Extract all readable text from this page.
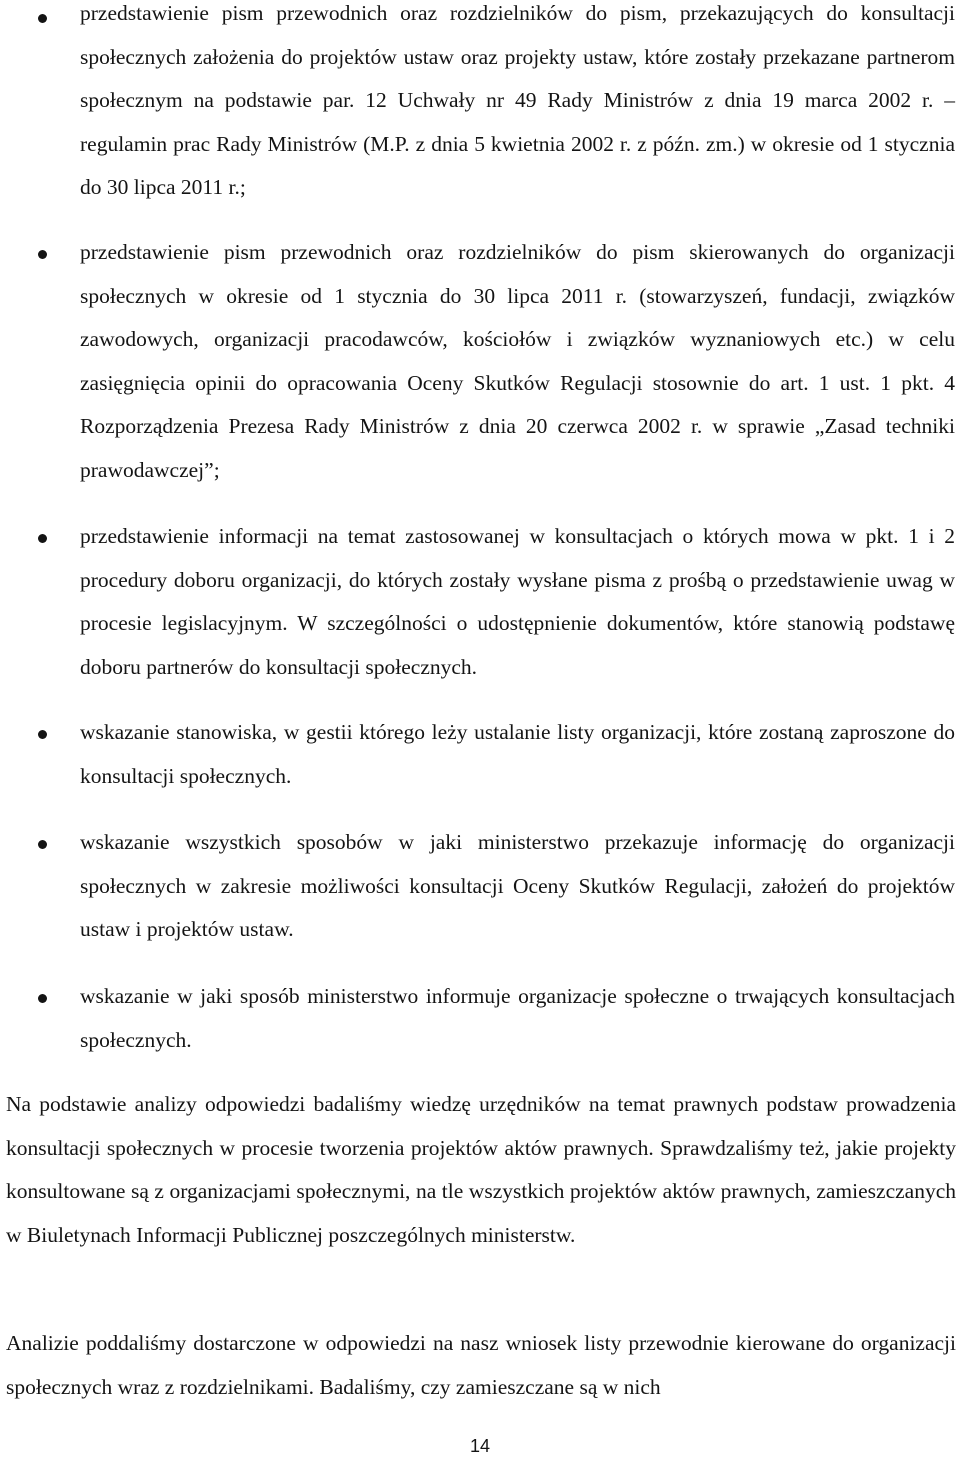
przedstawienie pism przewodnich oraz rozdzielników do pism, przekazujących do konsultacji społecznych założenia do projektów ustaw oraz projekty ustaw, które zostały przekazane partnerom społecznym na podstawie par. 12 Uchwały nr 49 Rady Ministrów z dnia 19 marca 2002 r. – regulamin prac Rady Ministrów (M.P. z dnia 5 kwietnia 2002 r. z późn. zm.) w okresie od 1 stycznia do 30 lipca 2011 r.;

przedstawienie pism przewodnich oraz rozdzielników do pism skierowanych do organizacji społecznych w okresie od 1 stycznia do 30 lipca 2011 r. (stowarzyszeń, fundacji, związków zawodowych, organizacji pracodawców, kościołów i związków wyznaniowych etc.) w celu zasięgnięcia opinii do opracowania Oceny Skutków Regulacji stosownie do art. 1 ust. 1 pkt. 4 Rozporządzenia Prezesa Rady Ministrów z dnia 20 czerwca 2002 r. w sprawie „Zasad techniki prawodawczej”;

przedstawienie informacji na temat zastosowanej w konsultacjach o których mowa w pkt. 1 i 2 procedury doboru organizacji, do których zostały wysłane pisma z prośbą o przedstawienie uwag w procesie legislacyjnym. W szczególności o udostępnienie dokumentów, które stanowią podstawę doboru partnerów do konsultacji społecznych.

wskazanie stanowiska, w gestii którego leży ustalanie listy organizacji, które zostaną zaproszone do konsultacji społecznych.

wskazanie wszystkich sposobów w jaki ministerstwo przekazuje informację do organizacji społecznych w zakresie możliwości konsultacji Oceny Skutków Regulacji, założeń do projektów ustaw i projektów ustaw.

wskazanie w jaki sposób ministerstwo informuje organizacje społeczne o trwających konsultacjach społecznych.

Na podstawie analizy odpowiedzi badaliśmy wiedzę urzędników na temat prawnych podstaw prowadzenia konsultacji społecznych w procesie tworzenia projektów aktów prawnych. Sprawdzaliśmy też, jakie projekty konsultowane są z organizacjami społecznymi, na tle wszystkich projektów aktów prawnych, zamieszczanych w Biuletynach Informacji Publicznej poszczególnych ministerstw.

Analizie poddaliśmy dostarczone w odpowiedzi na nasz wniosek listy przewodnie kierowane do organizacji społecznych wraz z rozdzielnikami. Badaliśmy, czy zamieszczane są w nich

14
